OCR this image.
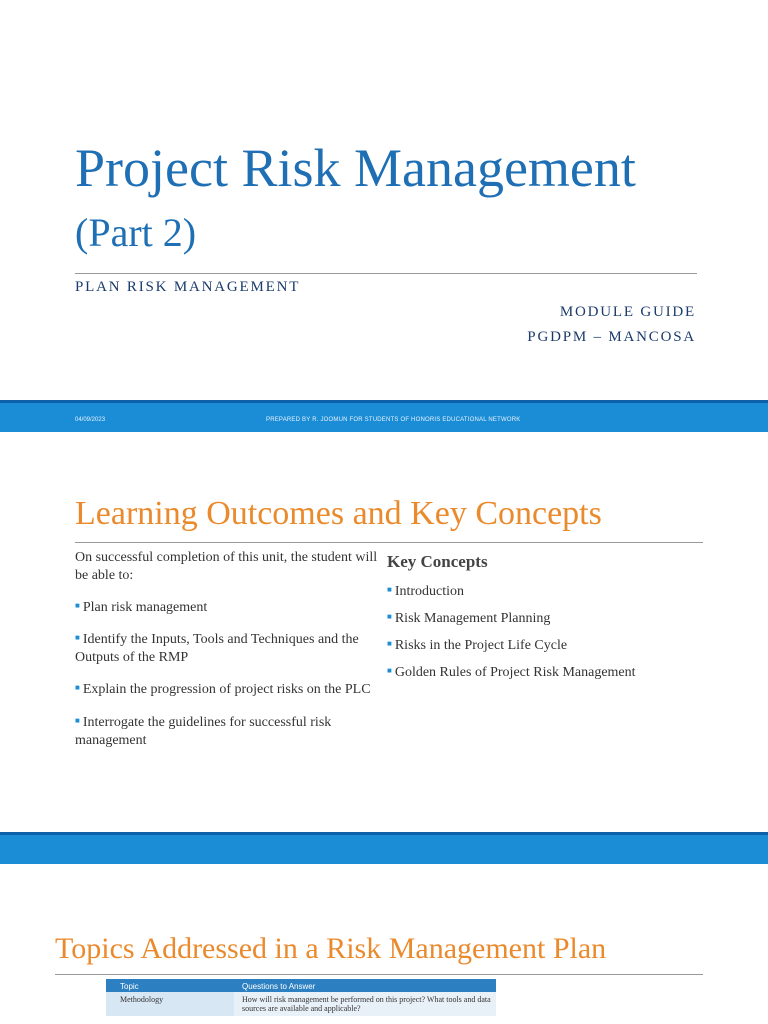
Project Risk Management (Part 2)
PLAN RISK MANAGEMENT
MODULE GUIDE
PGDPM – MANCOSA
04/09/2023	PREPARED BY R. JOOMUN FOR STUDENTS OF HONORIS EDUCATIONAL NETWORK
Learning Outcomes and Key Concepts

On successful completion of this unit, the student will be able to:

■ Plan risk management
■ Identify the Inputs, Tools and Techniques and the Outputs of the RMP
■ Explain the progression of project risks on the PLC
■ Interrogate the guidelines for successful risk management
Key Concepts
■ Introduction
■ Risk Management Planning
■ Risks in the Project Life Cycle
■ Golden Rules of Project Risk Management
Topics Addressed in a Risk Management Plan
Topic	Questions to Answer
Methodology	How will risk management be performed on this project? What tools and data sources are available and applicable?
